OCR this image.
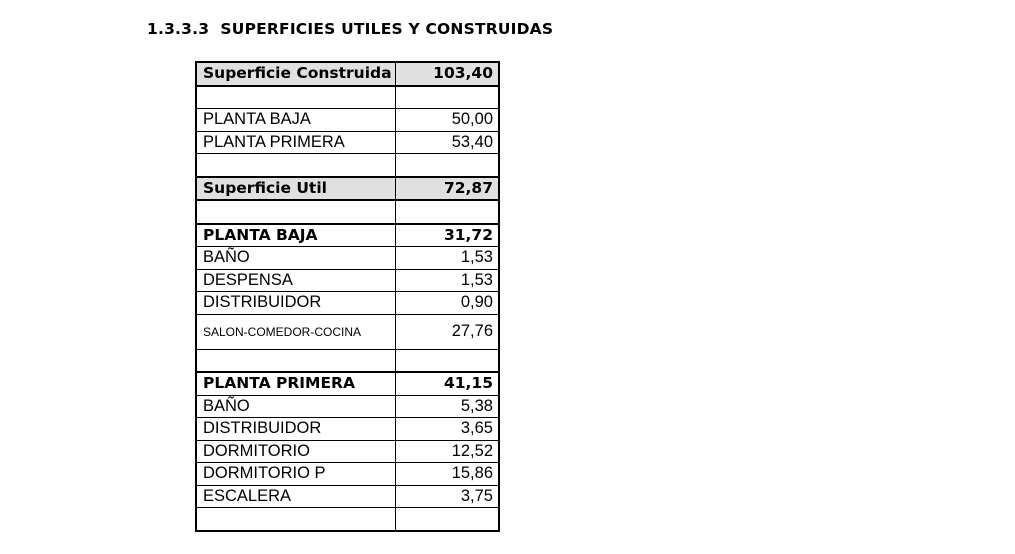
1.3.3.3 SUPERFICIES UTILES Y CONSTRUIDAS
Superficie Construida	103,40

PLANTA BAJA	50,00
PLANTA PRIMERA	53,40

Superficie Util	72,87

PLANTA BAJA	31,72
BAÑO	1,53
DESPENSA	1,53
DISTRIBUIDOR	0,90
SALON-COMEDOR-COCINA	27,76

PLANTA PRIMERA	41,15
BAÑO	5,38
DISTRIBUIDOR	3,65
DORMITORIO	12,52
DORMITORIO P	15,86
ESCALERA	3,75
